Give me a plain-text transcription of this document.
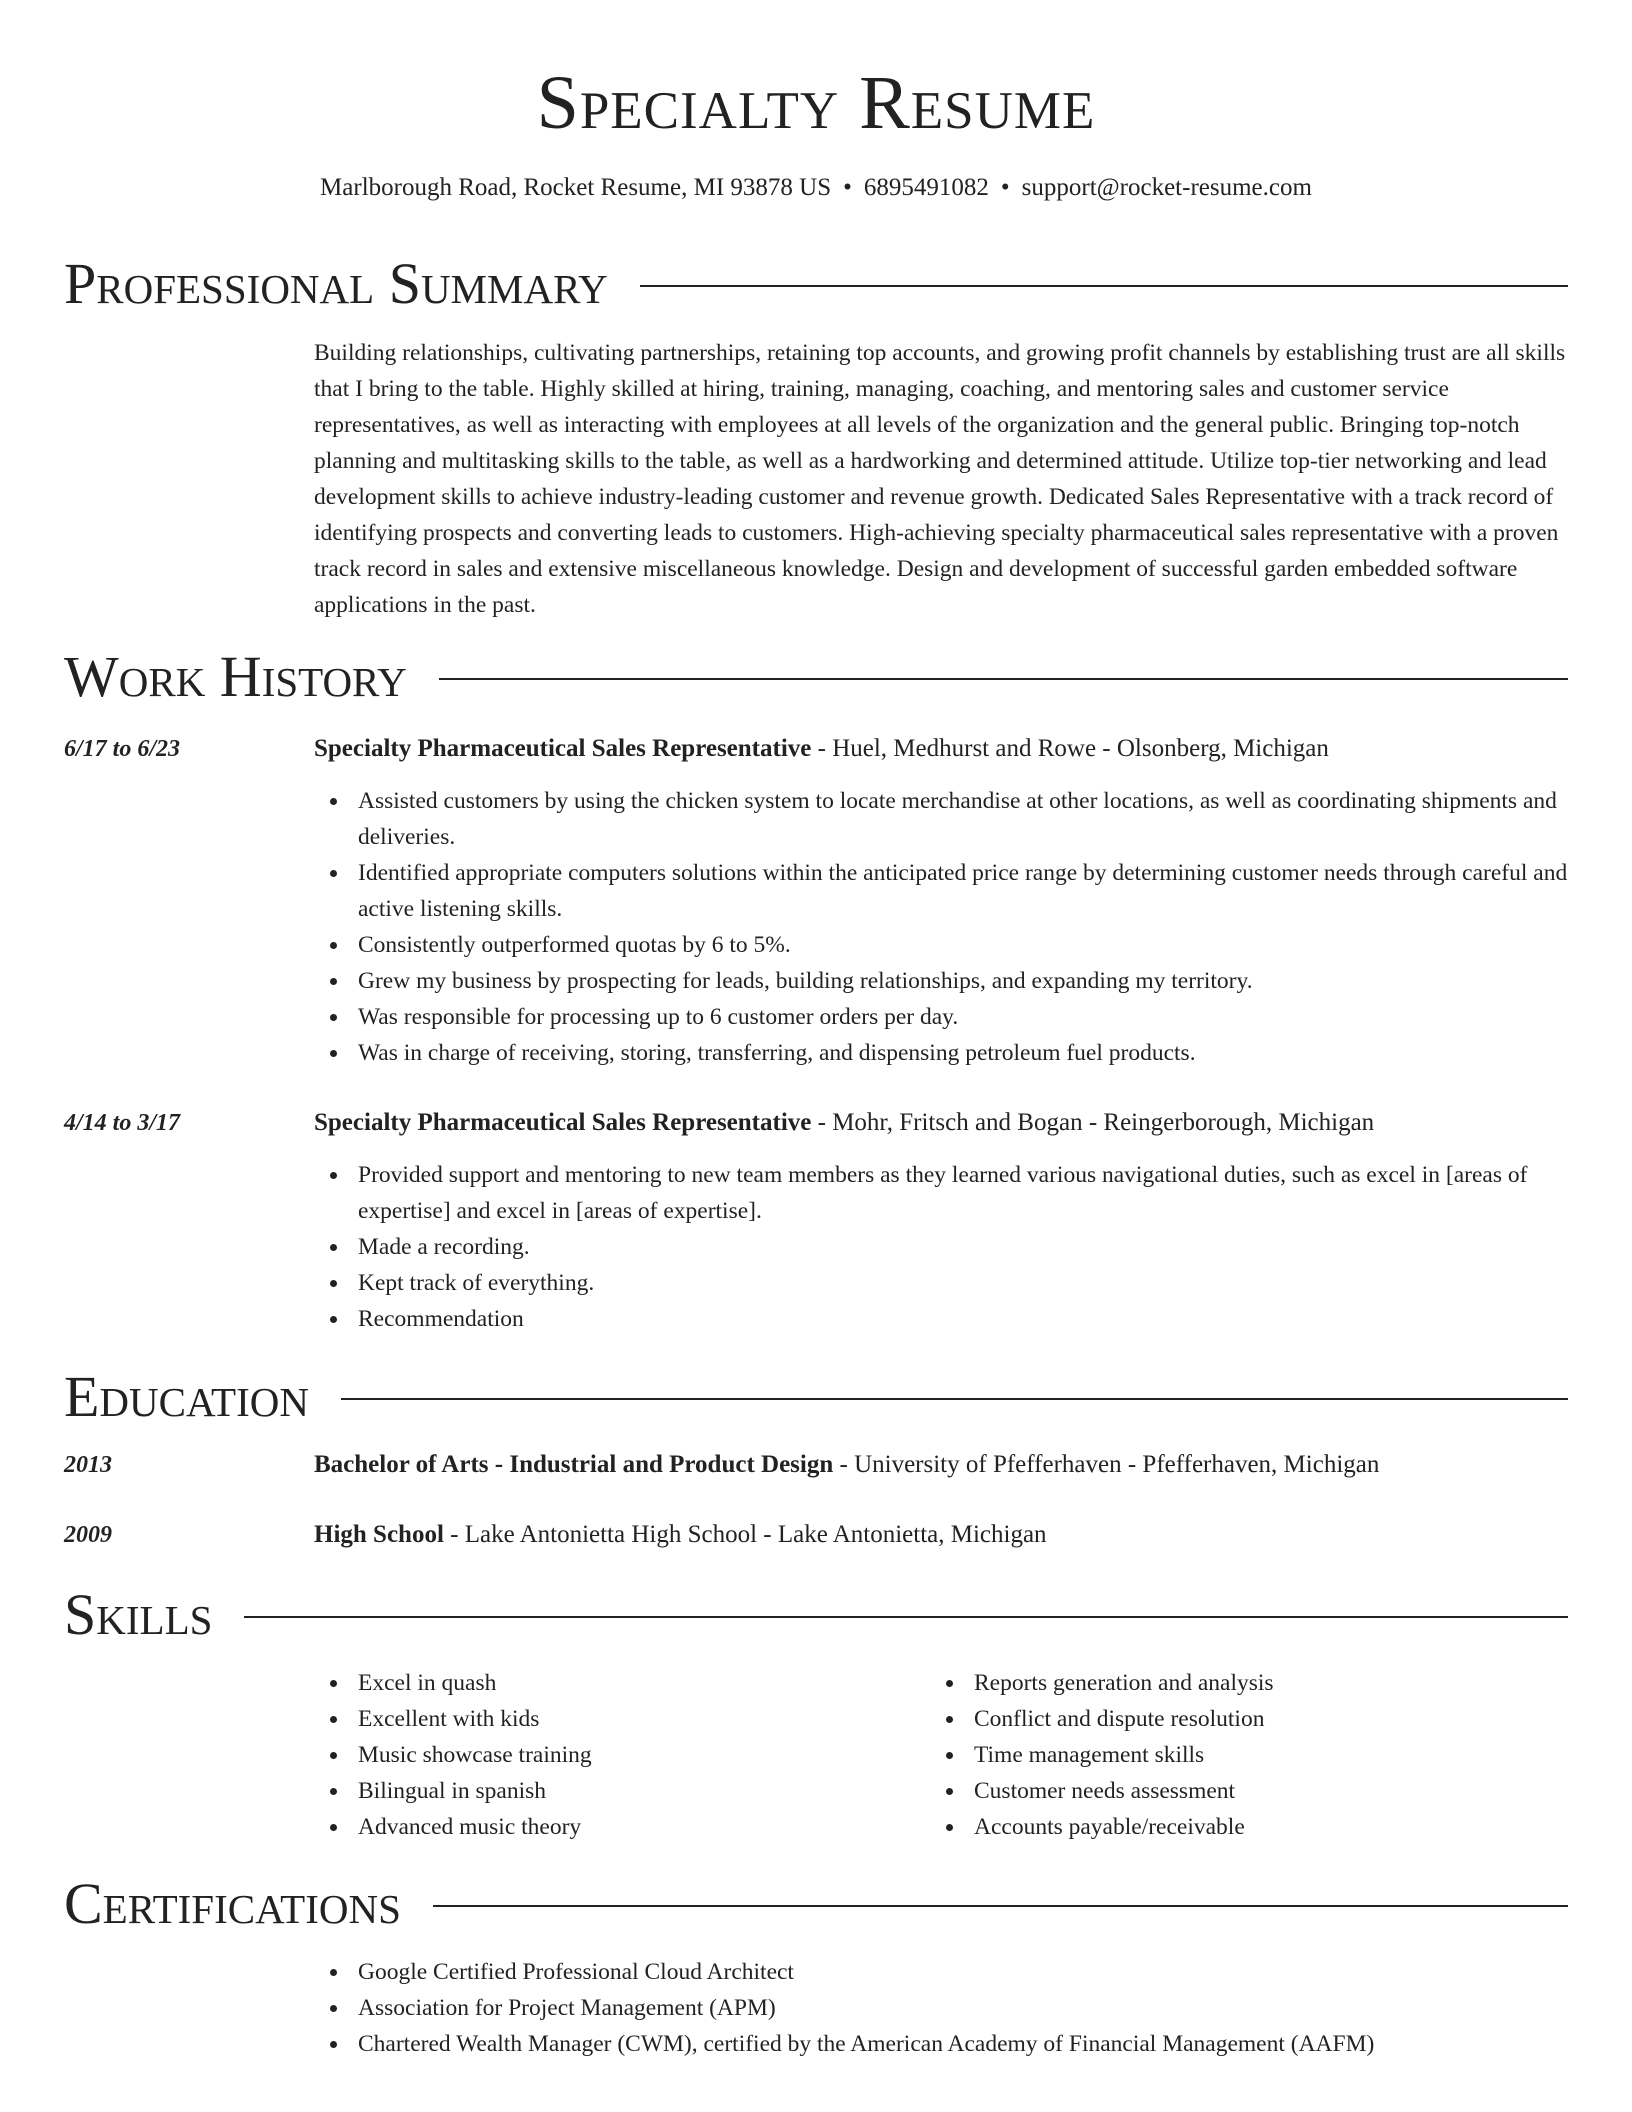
Specialty Resume
Marlborough Road, Rocket Resume, MI 93878 US • 6895491082 • support@rocket-resume.com
Professional Summary

Building relationships, cultivating partnerships, retaining top accounts, and growing profit channels by establishing trust are all skills that I bring to the table. Highly skilled at hiring, training, managing, coaching, and mentoring sales and customer service representatives, as well as interacting with employees at all levels of the organization and the general public. Bringing top-notch planning and multitasking skills to the table, as well as a hardworking and determined attitude. Utilize top-tier networking and lead development skills to achieve industry-leading customer and revenue growth. Dedicated Sales Representative with a track record of identifying prospects and converting leads to customers. High-achieving specialty pharmaceutical sales representative with a proven track record in sales and extensive miscellaneous knowledge. Design and development of successful garden embedded software applications in the past.

Work History
6/17 to 6/23	Specialty Pharmaceutical Sales Representative - Huel, Medhurst and Rowe - Olsonberg, Michigan
Assisted customers by using the chicken system to locate merchandise at other locations, as well as coordinating shipments and deliveries.
Identified appropriate computers solutions within the anticipated price range by determining customer needs through careful and active listening skills.
Consistently outperformed quotas by 6 to 5%.
Grew my business by prospecting for leads, building relationships, and expanding my territory.
Was responsible for processing up to 6 customer orders per day.
Was in charge of receiving, storing, transferring, and dispensing petroleum fuel products.
4/14 to 3/17	Specialty Pharmaceutical Sales Representative - Mohr, Fritsch and Bogan - Reingerborough, Michigan
Provided support and mentoring to new team members as they learned various navigational duties, such as excel in [areas of expertise] and excel in [areas of expertise].
Made a recording.
Kept track of everything.
Recommendation
Education
2013	Bachelor of Arts - Industrial and Product Design - University of Pfefferhaven - Pfefferhaven, Michigan
2009	High School - Lake Antonietta High School - Lake Antonietta, Michigan
Skills
Excel in quash
Excellent with kids
Music showcase training
Bilingual in spanish
Advanced music theory
Reports generation and analysis
Conflict and dispute resolution
Time management skills
Customer needs assessment
Accounts payable/receivable
Certifications
Google Certified Professional Cloud Architect
Association for Project Management (APM)
Chartered Wealth Manager (CWM), certified by the American Academy of Financial Management (AAFM)
